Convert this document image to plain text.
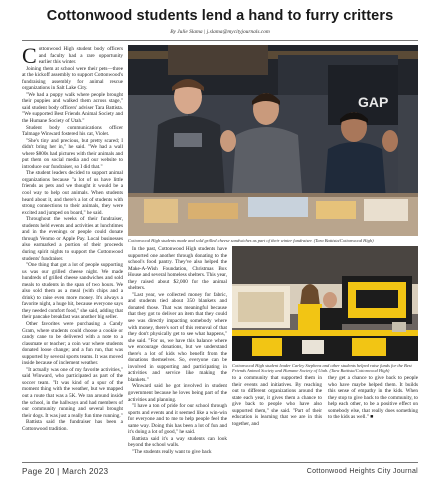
Cottonwood students lend a hand to furry critters
By Julie Slama | j.slama@mycityjournals.com
C ottonwood High student body officers and faculty had a rare opportunity earlier this winter.

Joining them at school were their pets—three at the kickoff assembly to support Cottonwood's fundraising assembly for animal rescue organizations in Salt Lake City.

"We had a puppy walk where people brought their puppies and walked them across stage," said student body officers' adviser Tara Battista. "We supported Best Friends Animal Society and the Humane Society of Utah."

Student body communications officer Talmage Winward fostered his cat, Violet.

"She's tiny and precious, but pretty scared; I didn't bring her in," he said. "We had a wall where $800s had pictures with their animals and put them on social media and our website to introduce our fundraiser, so I did that."

The student leaders decided to support animal organizations because "a lot of us have little friends as pets and we thought it would be a cool way to help out animals. When students heard about it, and there's a lot of students with strong connections to their animals, they were excited and jumped on board," he said.

Throughout the weeks of their fundraiser, students held events and activities at lunchtimes and in the evenings or people could donate through Venmo or Apple Pay. Local businesses also earmarked a portion of their proceeds during spirit nights to support the Cottonwood students' fundraiser.

"One thing that got a lot of people supporting us was our grilled cheese night. We made hundreds of grilled cheese sandwiches and sold meals to students in the span of two hours. We also sold them as a meal (with chips and a drink) to raise even more money. It's always a favorite night, a huge hit, because everyone says they needed comfort food," she said, adding that their pancake breakfast was another big seller.

Other favorites were purchasing a Candy Gram, where students could choose a cookie or candy cane to be delivered with a note to a classmate or teacher; a coin war where students donated loose change; and a fun run, that was supported by several sports teams. It was moved inside because of inclement weather.

"It actually was one of my favorite activities," said Winward, who participated as part of the soccer team. "It was kind of a spur of the moment thing with the weather, but we mapped out a route that was a 5K. We ran around inside the school, in the hallways and had members of our community running and several brought their dogs. It was just a really fun time running."

Battista said the fundraiser has been a Cottonwood tradition.

GAP
Cottonwood High students made and sold grilled cheese sandwiches as part of their winter fundraiser. (Tara Battista/Cottonwood High)

In the past, Cottonwood High students have supported one another through donating to the school's food pantry. They've also helped the Make-A-Wish Foundation, Christmas Box House and several homeless shelters. This year, they raised about $2,000 for the animal shelters.

"Last year, we collected money for fabric, and students tied about 350 blankets and donated those. That was meaningful because that they got to deliver an item that they could see was directly impacting somebody where with money, there's sort of this removal of that they don't physically get to see what happens," she said. "For us, we have this balance where we encourage donations, but we understand there's a lot of kids who benefit from the donations themselves. So, everyone can be involved in supporting and participating in activities and service like making the blankets."

Winward said he got involved in student government because he loves being part of the activities and planning.

"I have a ton of pride for our school through sports and events and it seemed like a win-win for everyone and to me to help people feel the same way. Doing this has been a lot of fun and it's doing a lot of good," he said.

Battista said it's a way students can look beyond the school walls.

"The students really want to give back

Cottonwood High student leader Carley Stephens and other students helped raise funds for the Best Friends Animal Society and Humane Society of Utah. (Tara Battista/Cottonwood High)

to a community that supported them in their events and initiatives. By reaching out to different organizations around the state each year, it gives them a chance to give back to people who have also supported them," she said. "Part of their education is learning that we are in this together, and

they get a chance to give back to people who have maybe helped them. It builds this sense of empathy in the kids. When they stop to give back to the community, to help each other, to be a positive effect on somebody else, that really does something to the kids as well." ■

Page 20 | March 2023	Cottonwood Heights City Journal
